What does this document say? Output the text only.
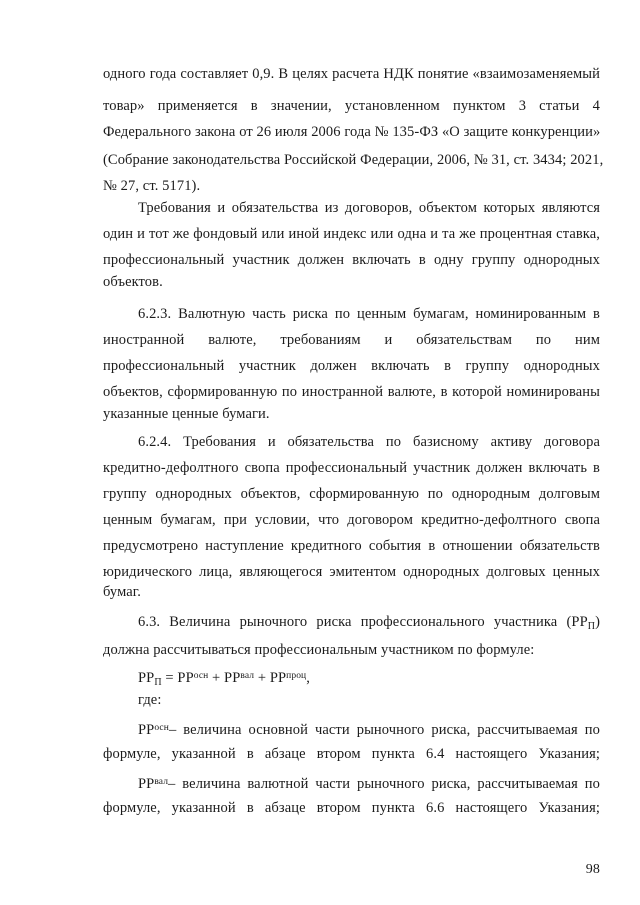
одного года составляет 0,9. В целях расчета НДК понятие «взаимозаменяемый
товар» применяется в значении, установленном пунктом 3 статьи 4
Федерального закона от 26 июля 2006 года № 135-ФЗ «О защите конкуренции»
(Собрание законодательства Российской Федерации, 2006, № 31, ст. 3434; 2021,
№ 27, ст. 5171).
Требования и обязательства из договоров, объектом которых являются
один и тот же фондовый или иной индекс или одна и та же процентная ставка,
профессиональный участник должен включать в одну группу однородных
объектов.
6.2.3. Валютную часть риска по ценным бумагам, номинированным в
иностранной валюте, требованиям и обязательствам по ним
профессиональный участник должен включать в группу однородных
объектов, сформированную по иностранной валюте, в которой номинированы
указанные ценные бумаги.
6.2.4. Требования и обязательства по базисному активу договора
кредитно-дефолтного свопа профессиональный участник должен включать в
группу однородных объектов, сформированную по однородным долговым
ценным бумагам, при условии, что договором кредитно-дефолтного свопа
предусмотрено наступление кредитного события в отношении обязательств
юридического лица, являющегося эмитентом однородных долговых ценных
бумаг.
6.3. Величина рыночного риска профессионального участника $(РР_П)$
должна рассчитываться профессиональным участником по формуле:
$РР_П = РР^{осн} + РР^{вал} + РР^{проц}$,
где:
$РР^{осн}-$ величина основной части рыночного риска, рассчитываемая по
формуле, указанной в абзаце втором пункта 6.4 настоящего Указания;
$РР^{вал}-$ величина валютной части рыночного риска, рассчитываемая по
формуле, указанной в абзаце втором пункта 6.6 настоящего Указания;
98
